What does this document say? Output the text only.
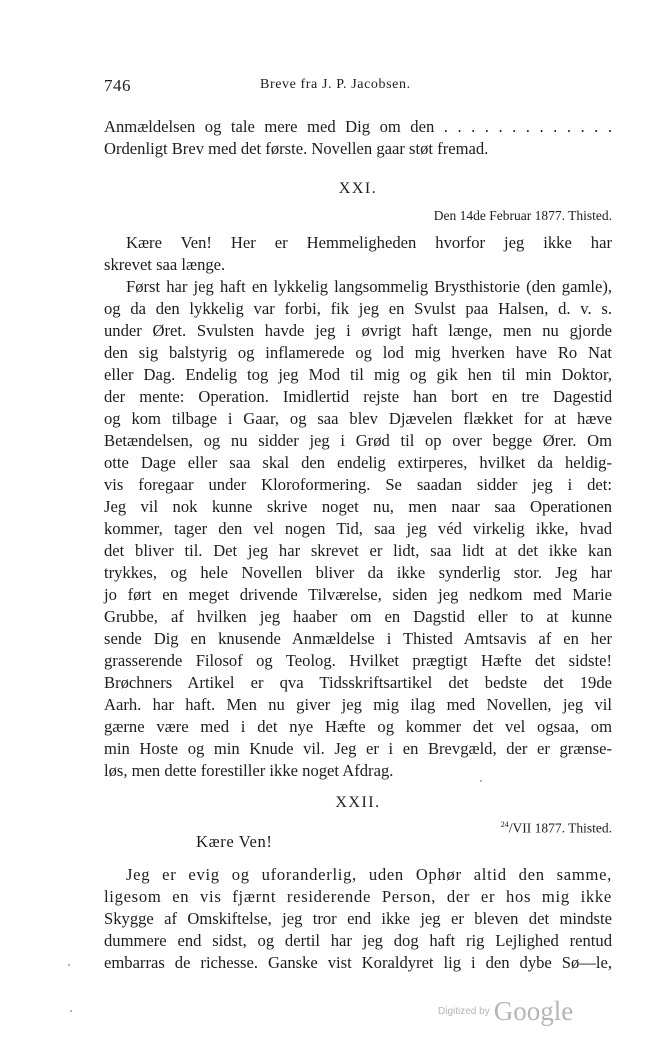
746	Breve fra J. P. Jacobsen.
Anmældelsen og tale mere med Dig om den . . . . . . . . . . . . .
Ordenligt Brev med det første. Novellen gaar støt fremad.
XXI.
Den 14de Februar 1877. Thisted.
Kære Ven! Her er Hemmeligheden hvorfor jeg ikke har
skrevet saa længe.
Først har jeg haft en lykkelig langsommelig Brysthistorie (den gamle),
og da den lykkelig var forbi, fik jeg en Svulst paa Halsen, d. v. s.
under Øret. Svulsten havde jeg i øvrigt haft længe, men nu gjorde
den sig balstyrig og inflamerede og lod mig hverken have Ro Nat
eller Dag. Endelig tog jeg Mod til mig og gik hen til min Doktor,
der mente: Operation. Imidlertid rejste han bort en tre Dagestid
og kom tilbage i Gaar, og saa blev Djævelen flækket for at hæve
Betændelsen, og nu sidder jeg i Grød til op over begge Ører. Om
otte Dage eller saa skal den endelig extirperes, hvilket da heldig-
vis foregaar under Kloroformering. Se saadan sidder jeg i det:
Jeg vil nok kunne skrive noget nu, men naar saa Operationen
kommer, tager den vel nogen Tid, saa jeg véd virkelig ikke, hvad
det bliver til. Det jeg har skrevet er lidt, saa lidt at det ikke kan
trykkes, og hele Novellen bliver da ikke synderlig stor. Jeg har
jo ført en meget drivende Tilværelse, siden jeg nedkom med Marie
Grubbe, af hvilken jeg haaber om en Dagstid eller to at kunne
sende Dig en knusende Anmældelse i Thisted Amtsavis af en her
grasserende Filosof og Teolog. Hvilket prægtigt Hæfte det sidste!
Brøchners Artikel er qva Tidsskriftsartikel det bedste det 19de
Aarh. har haft. Men nu giver jeg mig ilag med Novellen, jeg vil
gærne være med i det nye Hæfte og kommer det vel ogsaa, om
min Hoste og min Knude vil. Jeg er i en Brevgæld, der er grænse-
løs, men dette forestiller ikke noget Afdrag.
XXII.
$^{24}$/VII 1877. Thisted.
Kære Ven!
Jeg er evig og uforanderlig, uden Ophør altid den samme,
ligesom en vis fjærnt residerende Person, der er hos mig ikke
Skygge af Omskiftelse, jeg tror end ikke jeg er bleven det mindste
dummere end sidst, og dertil har jeg dog haft rig Lejlighed rentud
embarras de richesse. Ganske vist Koraldyret lig i den dybe Sø—le,
Digitized by Google
